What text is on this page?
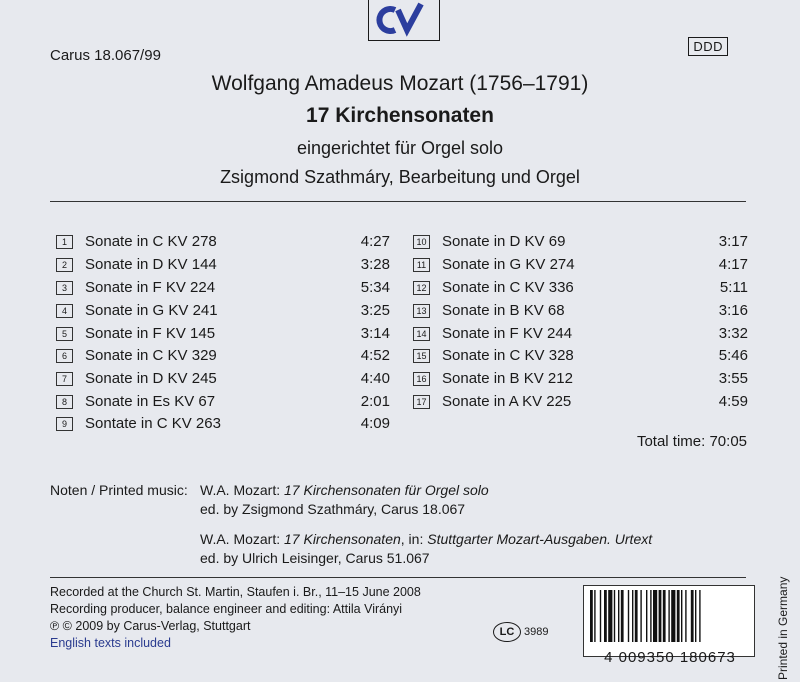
Carus 18.067/99
DDD
Wolfgang Amadeus Mozart (1756–1791)
17 Kirchensonaten
eingerichtet für Orgel solo
Zsigmond Szathmáry, Bearbeitung und Orgel
1 Sonate in C KV 278	4:27
2 Sonate in D KV 144	3:28
3 Sonate in F KV 224	5:34
4 Sonate in G KV 241	3:25
5 Sonate in F KV 145	3:14
6 Sonate in C KV 329	4:52
7 Sonate in D KV 245	4:40
8 Sonate in Es KV 67	2:01
9 Sontate in C KV 263	4:09
10 Sonate in D KV 69	3:17
11 Sonate in G KV 274	4:17
12 Sonate in C KV 336	5:11
13 Sonate in B KV 68	3:16
14 Sonate in F KV 244	3:32
15 Sonate in C KV 328	5:46
16 Sonate in B KV 212	3:55
17 Sonate in A KV 225	4:59
Total time: 70:05
Noten / Printed music: W.A. Mozart: 17 Kirchensonaten für Orgel solo
ed. by Zsigmond Szathmáry, Carus 18.067
W.A. Mozart: 17 Kirchensonaten, in: Stuttgarter Mozart-Ausgaben. Urtext
ed. by Ulrich Leisinger, Carus 51.067
Recorded at the Church St. Martin, Staufen i. Br., 11–15 June 2008
Recording producer, balance engineer and editing: Attila Virányi
℗ © 2009 by Carus-Verlag, Stuttgart
English texts included
LC 3989
4 009350 180673	Printed in Germany
